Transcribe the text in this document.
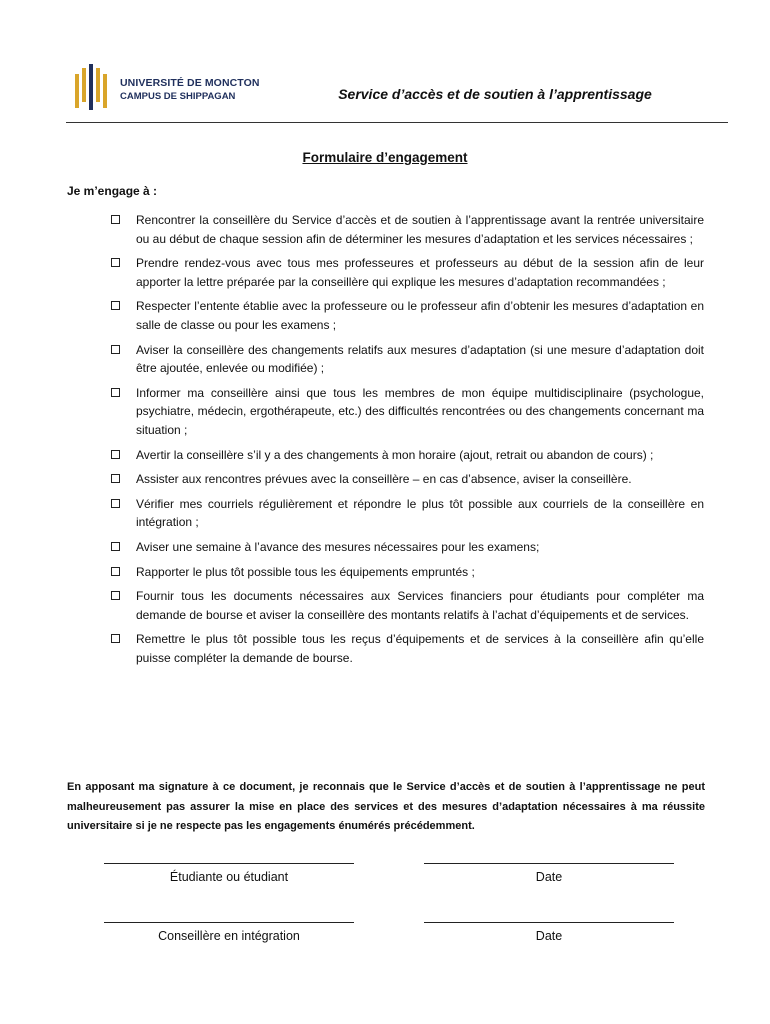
UNIVERSITÉ DE MONCTON
CAMPUS DE SHIPPAGAN	Service d’accès et de soutien à l’apprentissage
Formulaire d’engagement
Je m’engage à :
Rencontrer la conseillère du Service d’accès et de soutien à l’apprentissage avant la rentrée universitaire ou au début de chaque session afin de déterminer les mesures d’adaptation et les services nécessaires ;
Prendre rendez-vous avec tous mes professeures et professeurs au début de la session afin de leur apporter la lettre préparée par la conseillère qui explique les mesures d’adaptation recommandées ;
Respecter l’entente établie avec la professeure ou le professeur afin d’obtenir les mesures d’adaptation en salle de classe ou pour les examens ;
Aviser la conseillère des changements relatifs aux mesures d’adaptation (si une mesure d’adaptation doit être ajoutée, enlevée ou modifiée) ;
Informer ma conseillère ainsi que tous les membres de mon équipe multidisciplinaire (psychologue, psychiatre, médecin, ergothérapeute, etc.) des difficultés rencontrées ou des changements concernant ma situation ;
Avertir la conseillère s’il y a des changements à mon horaire (ajout, retrait ou abandon de cours) ;
Assister aux rencontres prévues avec la conseillère – en cas d’absence, aviser la conseillère.
Vérifier mes courriels régulièrement et répondre le plus tôt possible aux courriels de la conseillère en intégration ;
Aviser une semaine à l’avance des mesures nécessaires pour les examens;
Rapporter le plus tôt possible tous les équipements empruntés ;
Fournir tous les documents nécessaires aux Services financiers pour étudiants pour compléter ma demande de bourse et aviser la conseillère des montants relatifs à l’achat d’équipements et de services.
Remettre le plus tôt possible tous les reçus d’équipements et de services à la conseillère afin qu’elle puisse compléter la demande de bourse.
En apposant ma signature à ce document, je reconnais que le Service d’accès et de soutien à l’apprentissage ne peut malheureusement pas assurer la mise en place des services et des mesures d’adaptation nécessaires à ma réussite universitaire si je ne respecte pas les engagements énumérés précédemment.
Étudiante ou étudiant	Date
Conseillère en intégration	Date
